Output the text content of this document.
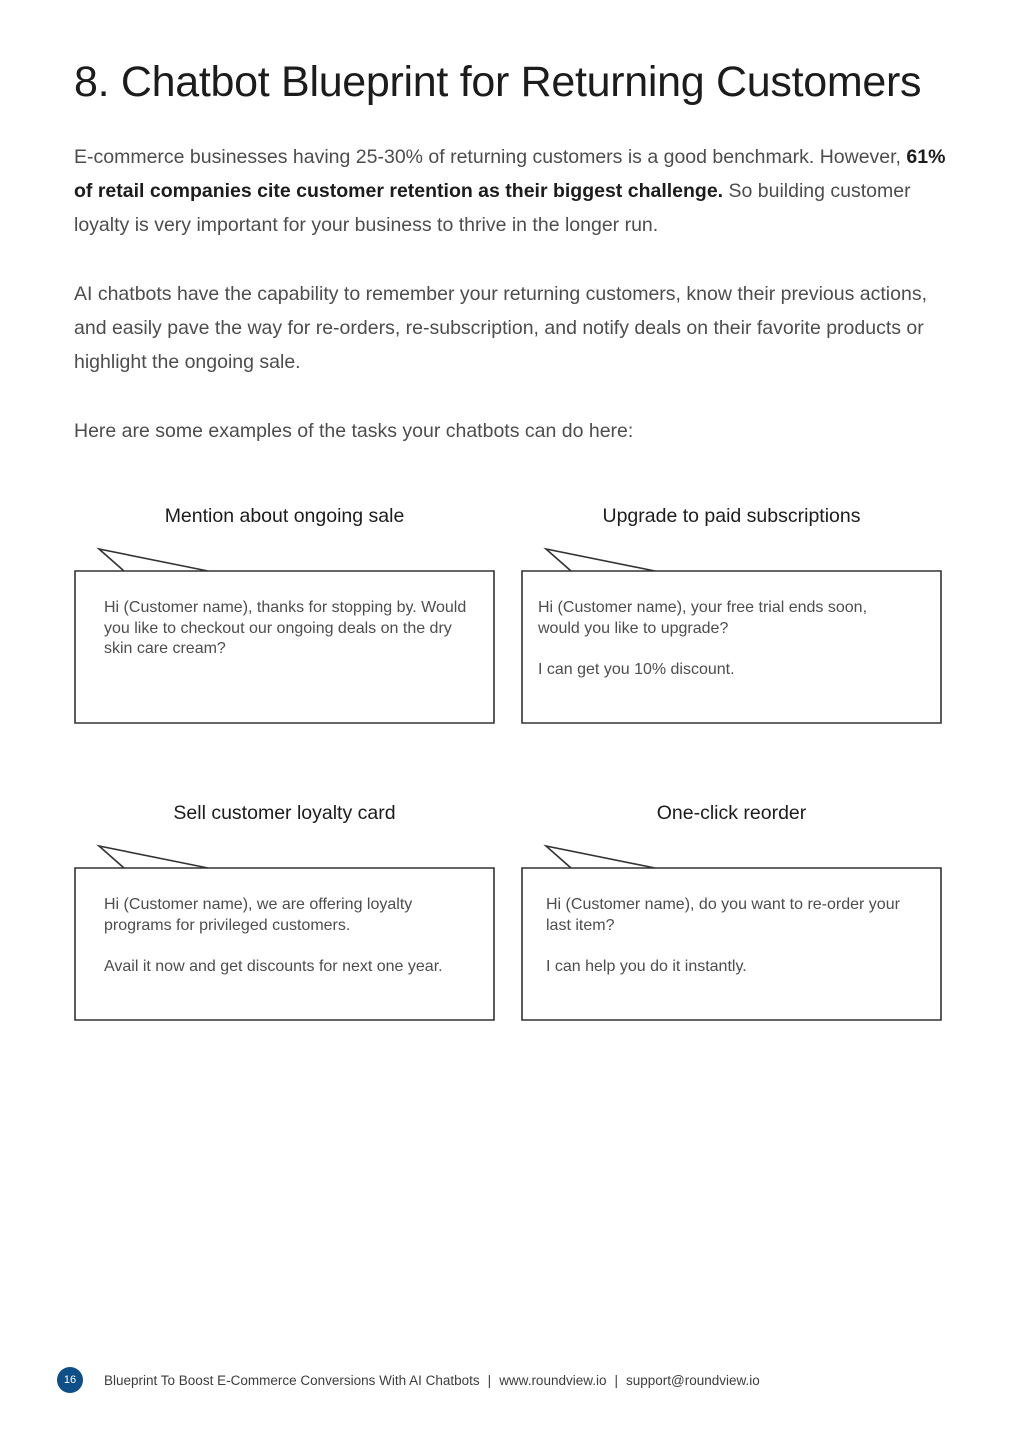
8. Chatbot Blueprint for Returning Customers

E-commerce businesses having 25-30% of returning customers is a good benchmark. However, 61% of retail companies cite customer retention as their biggest challenge. So building customer loyalty is very important for your business to thrive in the longer run.

AI chatbots have the capability to remember your returning customers, know their previous actions, and easily pave the way for re-orders, re-subscription, and notify deals on their favorite products or highlight the ongoing sale.

Here are some examples of the tasks your chatbots can do here:

Mention about ongoing sale

Hi (Customer name), thanks for stopping by. Would you like to checkout our ongoing deals on the dry skin care cream?

Upgrade to paid subscriptions

Hi (Customer name), your free trial ends soon, would you like to upgrade?

I can get you 10% discount.

Sell customer loyalty card

Hi (Customer name), we are offering loyalty programs for privileged customers.

Avail it now and get discounts for next one year.

One-click reorder

Hi (Customer name), do you want to re-order your last item?

I can help you do it instantly.

16	Blueprint To Boost E-Commerce Conversions With AI Chatbots | www.roundview.io | support@roundview.io
